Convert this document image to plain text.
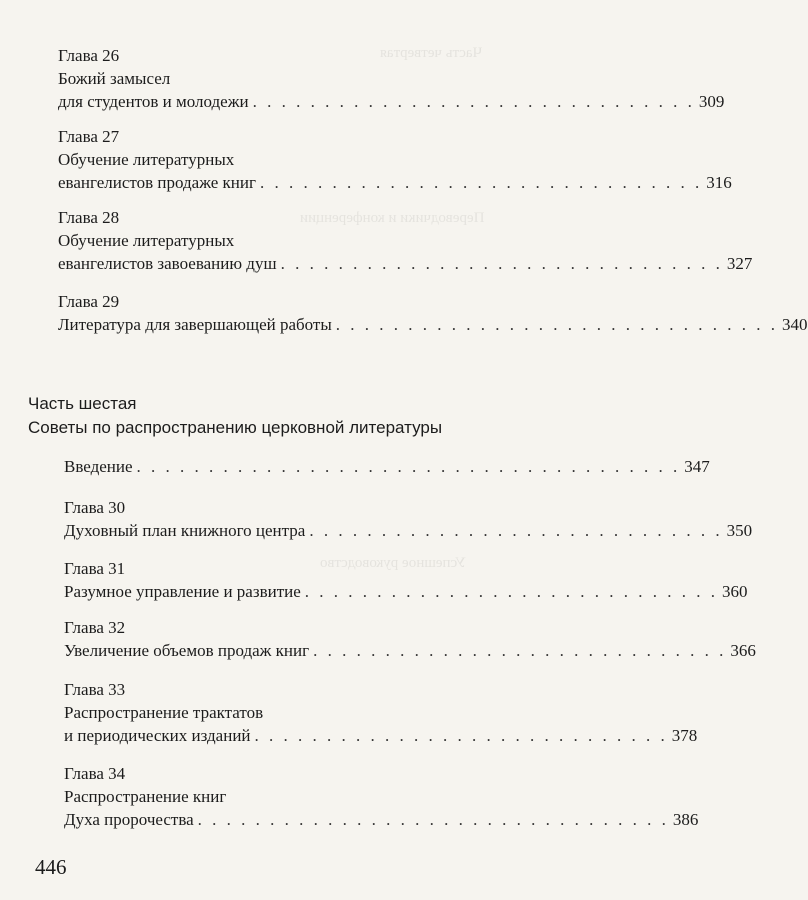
Часть четвертая
Переводчики и конференции
Успешное руководство
Глава 26
Божий замысел
для студентов и молодежи . . . . . . . . . . . . . . . . . . . . . . . . . . . . . . . 309
Глава 27
Обучение литературных
евангелистов продаже книг . . . . . . . . . . . . . . . . . . . . . . . . . . . . . . . 316
Глава 28
Обучение литературных
евангелистов завоеванию душ . . . . . . . . . . . . . . . . . . . . . . . . . . . . . . . 327
Глава 29
Литература для завершающей работы . . . . . . . . . . . . . . . . . . . . . . . . . . . . . . . 340
Часть шестая
Советы по распространению церковной литературы
Введение . . . . . . . . . . . . . . . . . . . . . . . . . . . . . . . . . . . . . . 347
Глава 30
Духовный план книжного центра . . . . . . . . . . . . . . . . . . . . . . . . . . . . . 350
Глава 31
Разумное управление и развитие . . . . . . . . . . . . . . . . . . . . . . . . . . . . . 360
Глава 32
Увеличение объемов продаж книг . . . . . . . . . . . . . . . . . . . . . . . . . . . . . 366
Глава 33
Распространение трактатов
и периодических изданий . . . . . . . . . . . . . . . . . . . . . . . . . . . . . 378
Глава 34
Распространение книг
Духа пророчества . . . . . . . . . . . . . . . . . . . . . . . . . . . . . . . . . 386
446
